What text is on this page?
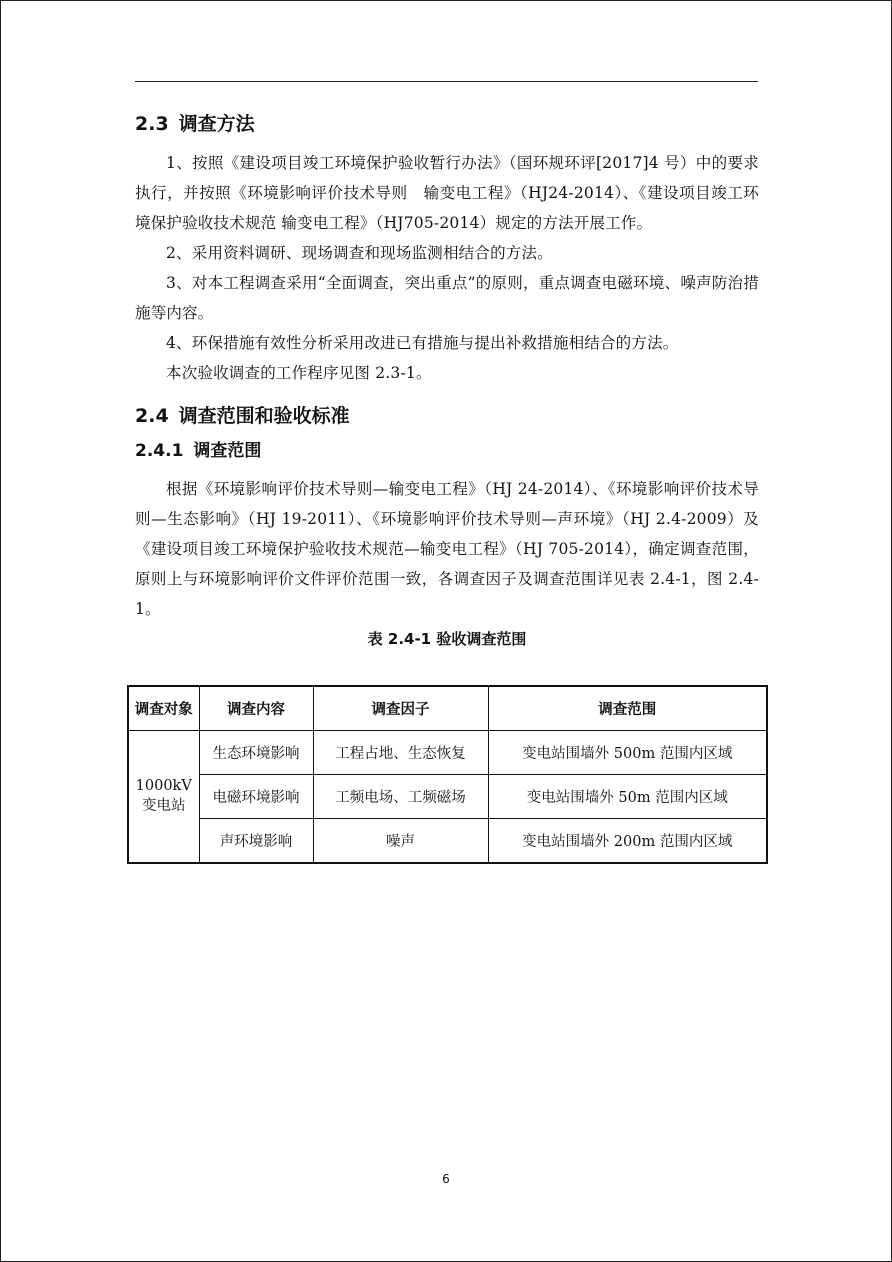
2.3 调查方法

1、按照《建设项目竣工环境保护验收暂行办法》（国环规环评[2017]4 号）中的要求执行，并按照《环境影响评价技术导则　输变电工程》（HJ24-2014）、《建设项目竣工环境保护验收技术规范 输变电工程》（HJ705-2014）规定的方法开展工作。

2、采用资料调研、现场调查和现场监测相结合的方法。

3、对本工程调查采用“全面调查，突出重点”的原则，重点调查电磁环境、噪声防治措施等内容。

4、环保措施有效性分析采用改进已有措施与提出补救措施相结合的方法。

本次验收调查的工作程序见图 2.3-1。

2.4 调查范围和验收标准
2.4.1 调查范围

根据《环境影响评价技术导则—输变电工程》（HJ 24-2014）、《环境影响评价技术导则—生态影响》（HJ 19-2011）、《环境影响评价技术导则—声环境》（HJ 2.4-2009）及《建设项目竣工环境保护验收技术规范—输变电工程》（HJ 705-2014），确定调查范围，原则上与环境影响评价文件评价范围一致，各调查因子及调查范围详见表 2.4-1，图 2.4-1。

表 2.4-1 验收调查范围
调查对象	调查内容	调查因子	调查范围

1000kV
变电站	生态环境影响	工程占地、生态恢复	变电站围墙外 500m 范围内区域
	电磁环境影响	工频电场、工频磁场	变电站围墙外 50m 范围内区域
	声环境影响	噪声	变电站围墙外 200m 范围内区域
6
